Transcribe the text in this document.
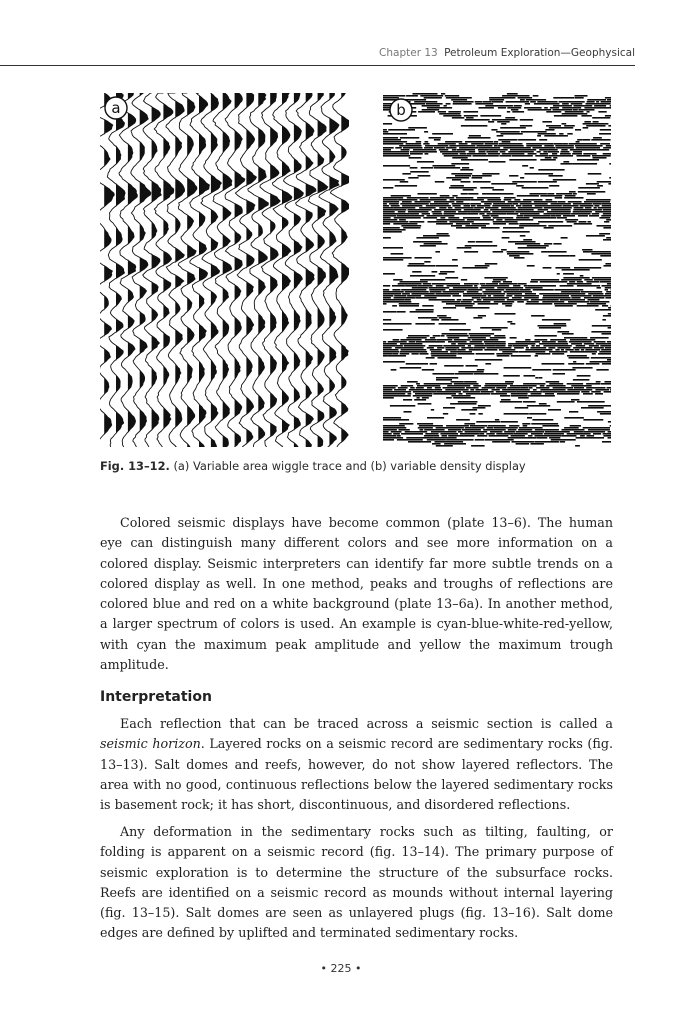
Chapter 13 Petroleum Exploration—Geophysical
a	b
Fig. 13–12. (a) Variable area wiggle trace and (b) variable density display

Colored seismic displays have become common (plate 13–6). The human eye can distinguish many different colors and see more information on a colored display. Seismic interpreters can identify far more subtle trends on a colored display as well. In one method, peaks and troughs of reflections are colored blue and red on a white background (plate 13–6a). In another method, a larger spectrum of colors is used. An example is cyan-blue-white-red-yellow, with cyan the maximum peak amplitude and yellow the maximum trough amplitude.

Interpretation

Each reflection that can be traced across a seismic section is called a seismic horizon. Layered rocks on a seismic record are sedimentary rocks (fig. 13–13). Salt domes and reefs, however, do not show layered reflectors. The area with no good, continuous reflections below the layered sedimentary rocks is basement rock; it has short, discontinuous, and disordered reflections.

Any deformation in the sedimentary rocks such as tilting, faulting, or folding is apparent on a seismic record (fig. 13–14). The primary purpose of seismic exploration is to determine the structure of the subsurface rocks. Reefs are identified on a seismic record as mounds without internal layering (fig. 13–15). Salt domes are seen as unlayered plugs (fig. 13–16). Salt dome edges are defined by uplifted and terminated sedimentary rocks.

• 225 •
